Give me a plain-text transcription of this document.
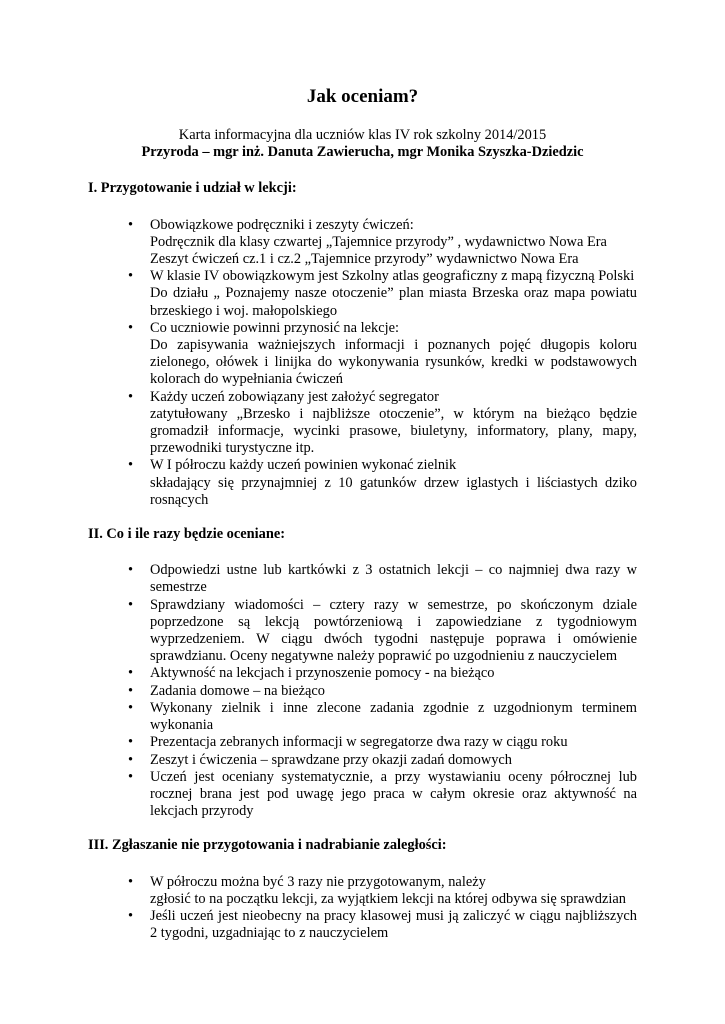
Jak oceniam?
Karta informacyjna dla uczniów klas IV rok szkolny 2014/2015
Przyroda – mgr inż. Danuta Zawierucha, mgr Monika Szyszka-Dziedzic
I. Przygotowanie i udział w lekcji:
• Obowiązkowe podręczniki i zeszyty ćwiczeń:
Podręcznik dla klasy czwartej „Tajemnice przyrody” , wydawnictwo Nowa Era
Zeszyt ćwiczeń cz.1 i cz.2 „Tajemnice przyrody” wydawnictwo Nowa Era
• W klasie IV obowiązkowym jest Szkolny atlas geograficzny z mapą fizyczną Polski
Do działu „ Poznajemy nasze otoczenie” plan miasta Brzeska oraz mapa powiatu brzeskiego i woj. małopolskiego
• Co uczniowie powinni przynosić na lekcje:
Do zapisywania ważniejszych informacji i poznanych pojęć długopis koloru zielonego, ołówek i linijka do wykonywania rysunków, kredki w podstawowych kolorach do wypełniania ćwiczeń
• Każdy uczeń zobowiązany jest założyć segregator
zatytułowany „Brzesko i najbliższe otoczenie”, w którym na bieżąco będzie gromadził informacje, wycinki prasowe, biuletyny, informatory, plany, mapy, przewodniki turystyczne itp.
• W I półroczu każdy uczeń powinien wykonać zielnik
składający się przynajmniej z 10 gatunków drzew iglastych i liściastych dziko rosnących
II. Co i ile razy będzie oceniane:
• Odpowiedzi ustne lub kartkówki z 3 ostatnich lekcji – co najmniej dwa razy w semestrze
• Sprawdziany wiadomości – cztery razy w semestrze, po skończonym dziale poprzedzone są lekcją powtórzeniową i zapowiedziane z tygodniowym wyprzedzeniem. W ciągu dwóch tygodni następuje poprawa i omówienie sprawdzianu. Oceny negatywne należy poprawić po uzgodnieniu z nauczycielem
• Aktywność na lekcjach i przynoszenie pomocy - na bieżąco
• Zadania domowe – na bieżąco
• Wykonany zielnik i inne zlecone zadania zgodnie z uzgodnionym terminem wykonania
• Prezentacja zebranych informacji w segregatorze dwa razy w ciągu roku
• Zeszyt i ćwiczenia – sprawdzane przy okazji zadań domowych
• Uczeń jest oceniany systematycznie, a przy wystawianiu oceny półrocznej lub rocznej brana jest pod uwagę jego praca w całym okresie oraz aktywność na lekcjach przyrody
III. Zgłaszanie nie przygotowania i nadrabianie zaległości:
• W półroczu można być 3 razy nie przygotowanym, należy
zgłosić to na początku lekcji, za wyjątkiem lekcji na której odbywa się sprawdzian
• Jeśli uczeń jest nieobecny na pracy klasowej musi ją zaliczyć w ciągu najbliższych 2 tygodni, uzgadniając to z nauczycielem
